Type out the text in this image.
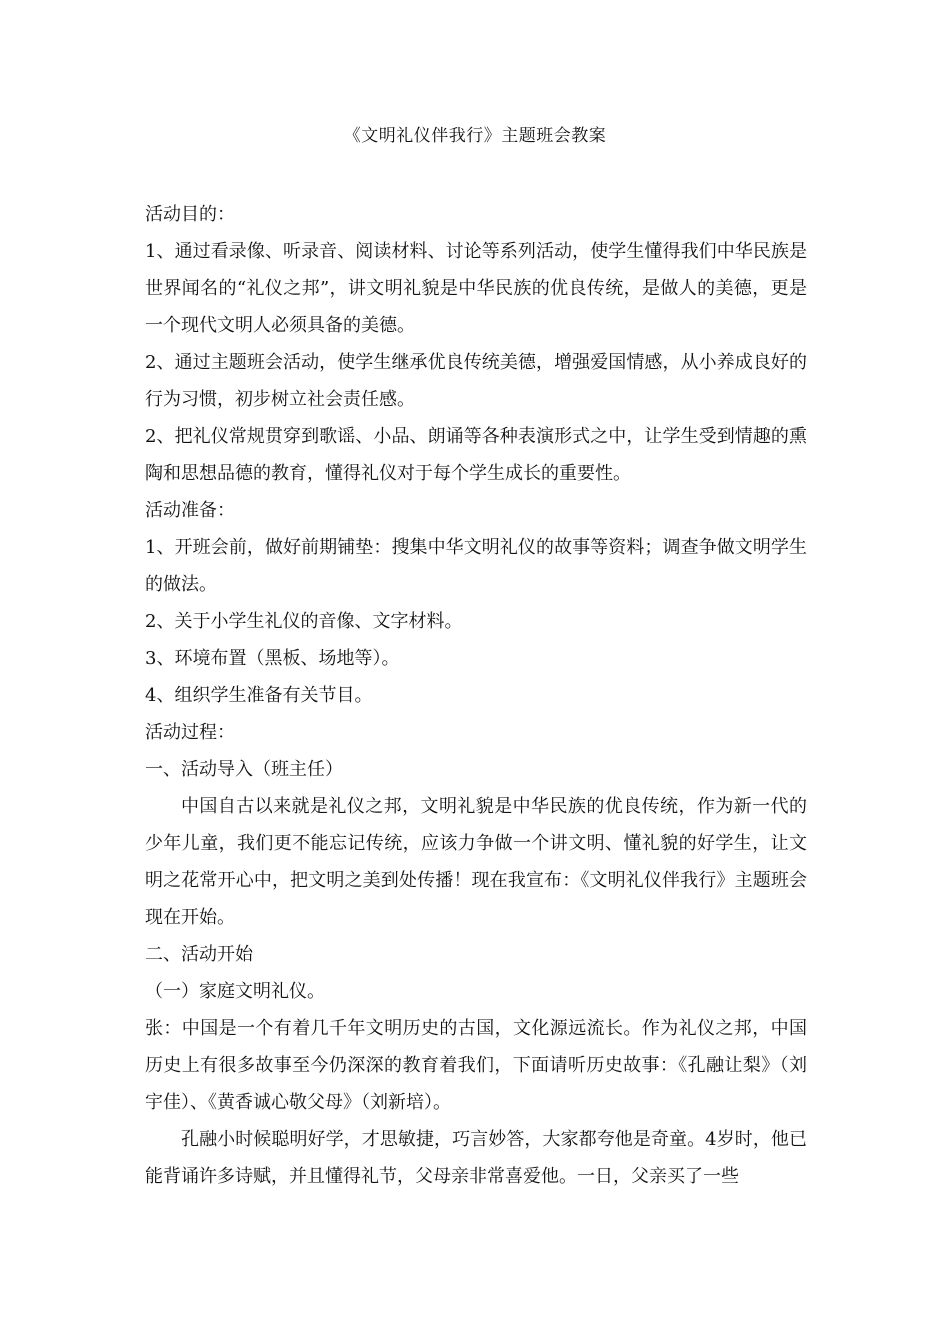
《文明礼仪伴我行》主题班会教案

活动目的：

1、通过看录像、听录音、阅读材料、讨论等系列活动，使学生懂得我们中华民族是世界闻名的“礼仪之邦”，讲文明礼貌是中华民族的优良传统，是做人的美德，更是一个现代文明人必须具备的美德。

2、通过主题班会活动，使学生继承优良传统美德，增强爱国情感，从小养成良好的行为习惯，初步树立社会责任感。

2、把礼仪常规贯穿到歌谣、小品、朗诵等各种表演形式之中，让学生受到情趣的熏陶和思想品德的教育，懂得礼仪对于每个学生成长的重要性。

活动准备：

1、开班会前，做好前期铺垫：搜集中华文明礼仪的故事等资料；调查争做文明学生的做法。

2、关于小学生礼仪的音像、文字材料。

3、环境布置（黑板、场地等）。

4、组织学生准备有关节目。

活动过程：

一、活动导入（班主任）

中国自古以来就是礼仪之邦，文明礼貌是中华民族的优良传统，作为新一代的少年儿童，我们更不能忘记传统，应该力争做一个讲文明、懂礼貌的好学生，让文明之花常开心中，把文明之美到处传播！现在我宣布：《文明礼仪伴我行》主题班会现在开始。

二、活动开始

（一）家庭文明礼仪。

张：中国是一个有着几千年文明历史的古国，文化源远流长。作为礼仪之邦，中国历史上有很多故事至今仍深深的教育着我们，下面请听历史故事：《孔融让梨》（刘宇佳）、《黄香诚心敬父母》（刘新培）。

孔融小时候聪明好学，才思敏捷，巧言妙答，大家都夸他是奇童。4岁时，他已能背诵许多诗赋，并且懂得礼节，父母亲非常喜爱他。一日，父亲买了一些
